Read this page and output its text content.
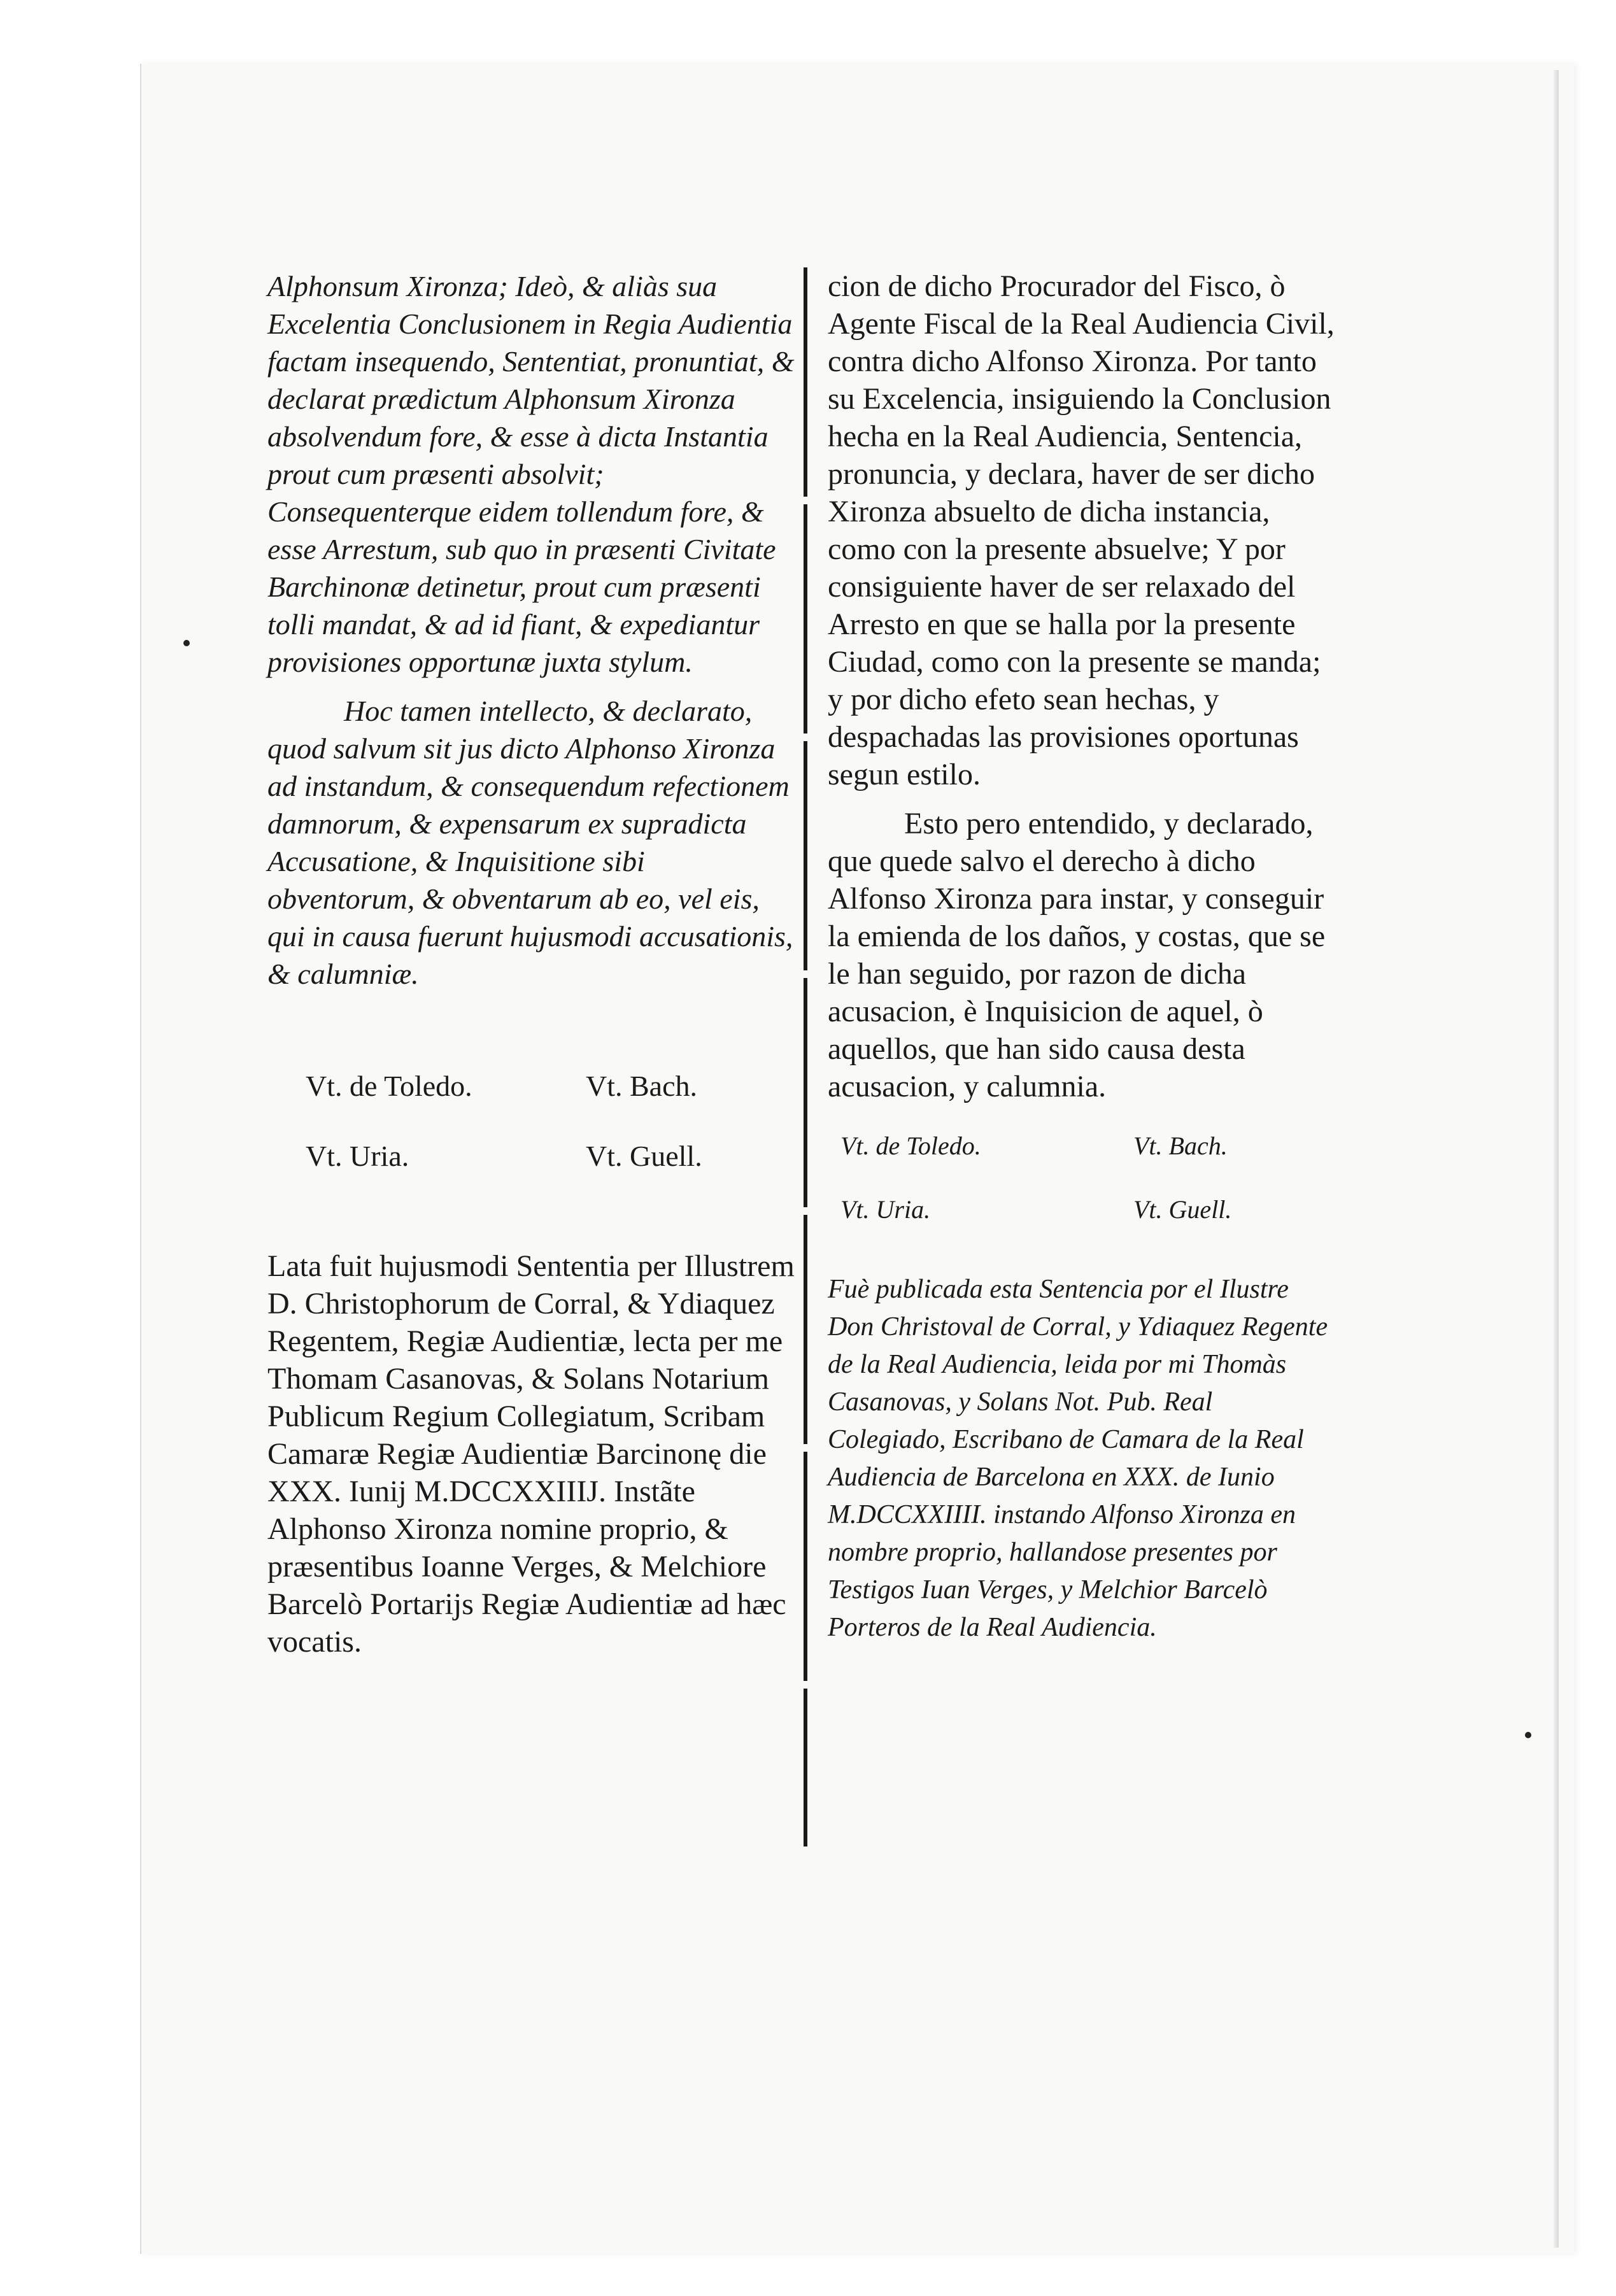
Alphonsum Xironza; Ideò, & aliàs sua Excelentia Conclusionem in Regia Audientia factam insequendo, Sententiat, pronuntiat, & declarat prædictum Alphonsum Xironza absolvendum fore, & esse à dicta Instantia prout cum præsenti absolvit; Consequenterque eidem tollendum fore, & esse Arrestum, sub quo in præsenti Civitate Barchinonæ detinetur, prout cum præsenti tolli mandat, & ad id fiant, & expediantur provisiones opportunæ juxta stylum.

Hoc tamen intellecto, & declarato, quod salvum sit jus dicto Alphonso Xironza ad instandum, & consequendum refectionem damnorum, & expensarum ex supradicta Accusatione, & Inquisitione sibi obventorum, & obventarum ab eo, vel eis, qui in causa fuerunt hujusmodi accusationis, & calumniæ.

Vt. de Toledo.	Vt. Bach.
Vt. Uria.	Vt. Guell.

Lata fuit hujusmodi Sententia per Illustrem D. Christophorum de Corral, & Ydiaquez Regentem, Regiæ Audientiæ, lecta per me Thomam Casanovas, & Solans Notarium Publicum Regium Collegiatum, Scribam Camaræ Regiæ Audientiæ Barcinonę die XXX. Iunij M.DCCXXIIIJ. Instãte Alphonso Xironza nomine proprio, & præsentibus Ioanne Verges, & Melchiore Barcelò Portarijs Regiæ Audientiæ ad hæc vocatis.

cion de dicho Procurador del Fisco, ò Agente Fiscal de la Real Audiencia Civil, contra dicho Alfonso Xironza. Por tanto su Excelencia, insiguiendo la Conclusion hecha en la Real Audiencia, Sentencia, pronuncia, y declara, haver de ser dicho Xironza absuelto de dicha instancia, como con la presente absuelve; Y por consiguiente haver de ser relaxado del Arresto en que se halla por la presente Ciudad, como con la presente se manda; y por dicho efeto sean hechas, y despachadas las provisiones oportunas segun estilo.

Esto pero entendido, y declarado, que quede salvo el derecho à dicho Alfonso Xironza para instar, y conseguir la emienda de los daños, y costas, que se le han seguido, por razon de dicha acusacion, è Inquisicion de aquel, ò aquellos, que han sido causa desta acusacion, y calumnia.

Vt. de Toledo.	Vt. Bach.
Vt. Uria.	Vt. Guell.

Fuè publicada esta Sentencia por el Ilustre Don Christoval de Corral, y Ydiaquez Regente de la Real Audiencia, leida por mi Thomàs Casanovas, y Solans Not. Pub. Real Colegiado, Escribano de Camara de la Real Audiencia de Barcelona en XXX. de Iunio M.DCCXXIIII. instando Alfonso Xironza en nombre proprio, hallandose presentes por Testigos Iuan Verges, y Melchior Barcelò Porteros de la Real Audiencia.
